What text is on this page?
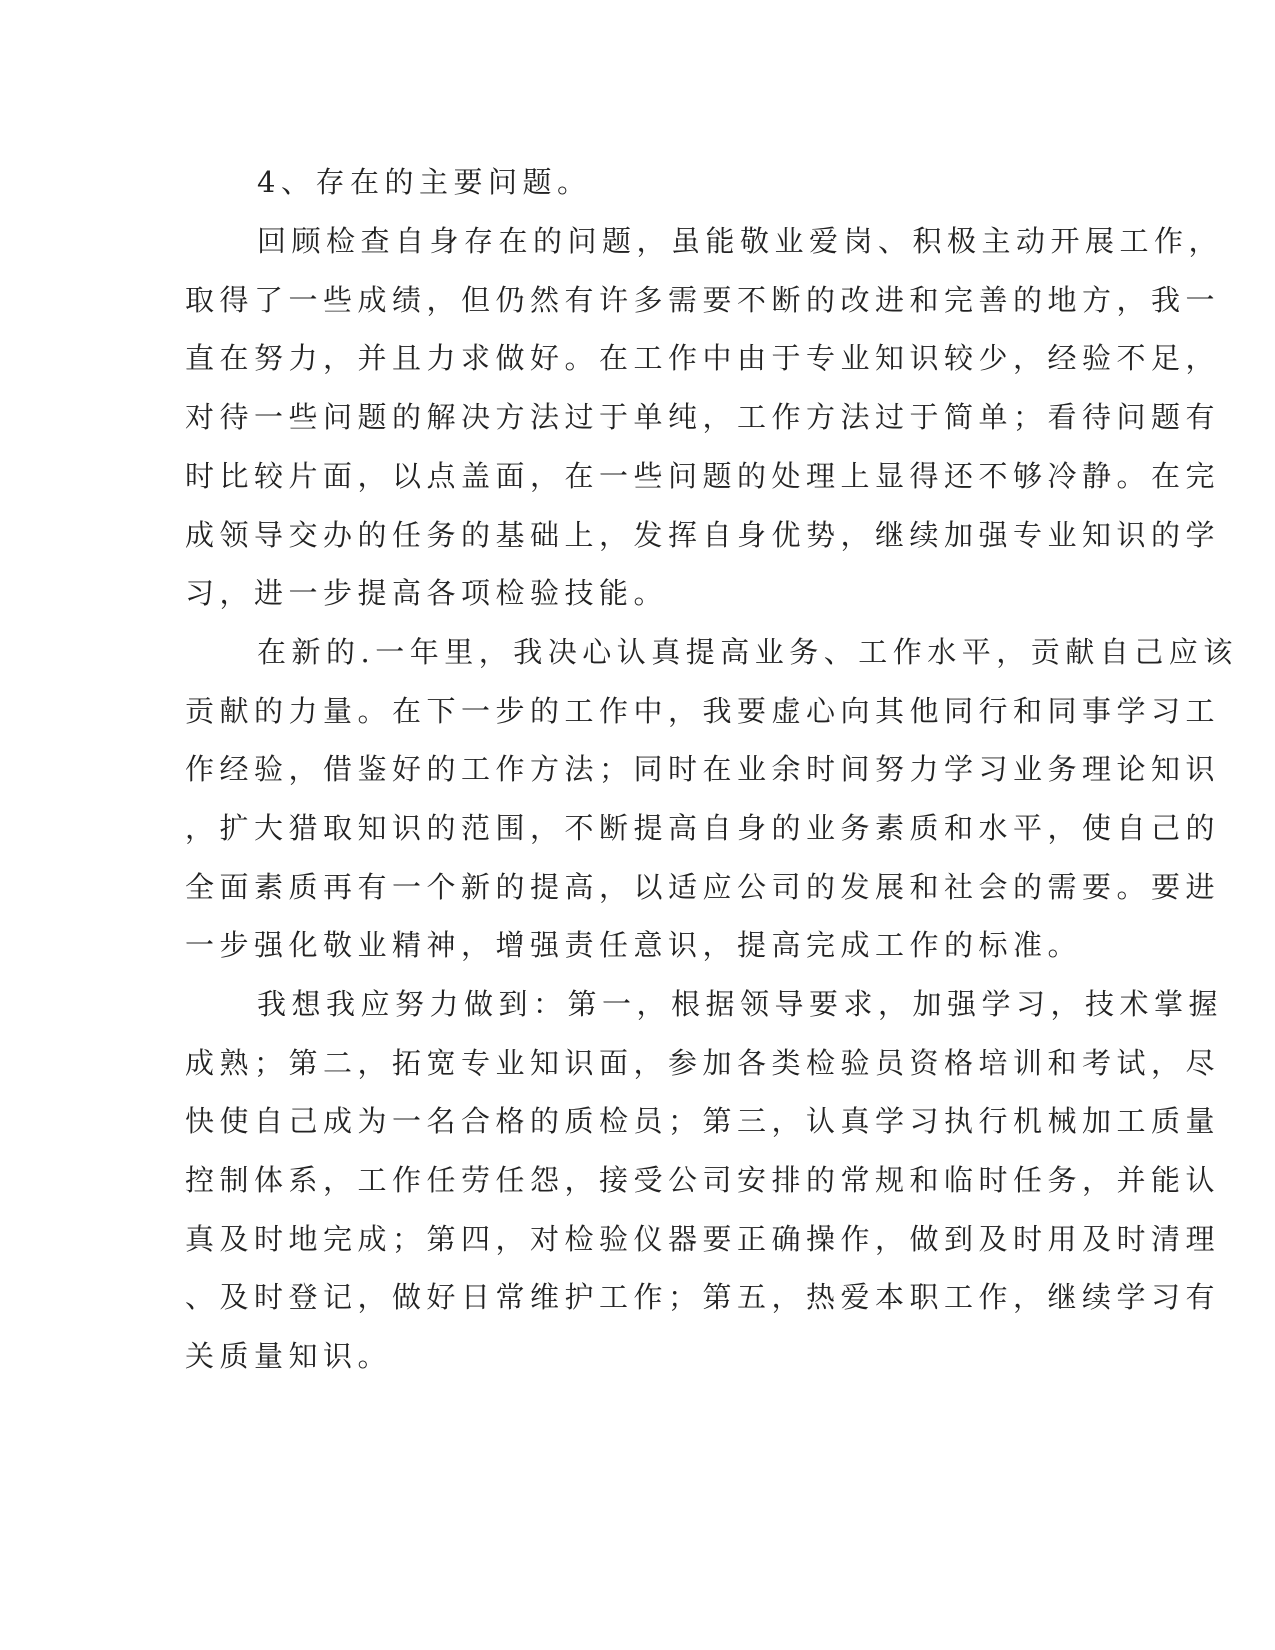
4、存在的主要问题。
回顾检查自身存在的问题，虽能敬业爱岗、积极主动开展工作，
取得了一些成绩，但仍然有许多需要不断的改进和完善的地方，我一
直在努力，并且力求做好。在工作中由于专业知识较少，经验不足，
对待一些问题的解决方法过于单纯，工作方法过于简单；看待问题有
时比较片面，以点盖面，在一些问题的处理上显得还不够冷静。在完
成领导交办的任务的基础上，发挥自身优势，继续加强专业知识的学
习，进一步提高各项检验技能。
在新的.一年里，我决心认真提高业务、工作水平，贡献自己应该
贡献的力量。在下一步的工作中，我要虚心向其他同行和同事学习工
作经验，借鉴好的工作方法；同时在业余时间努力学习业务理论知识
，扩大猎取知识的范围，不断提高自身的业务素质和水平，使自己的
全面素质再有一个新的提高，以适应公司的发展和社会的需要。要进
一步强化敬业精神，增强责任意识，提高完成工作的标准。
我想我应努力做到：第一，根据领导要求，加强学习，技术掌握
成熟；第二，拓宽专业知识面，参加各类检验员资格培训和考试，尽
快使自己成为一名合格的质检员；第三，认真学习执行机械加工质量
控制体系，工作任劳任怨，接受公司安排的常规和临时任务，并能认
真及时地完成；第四，对检验仪器要正确操作，做到及时用及时清理
、及时登记，做好日常维护工作；第五，热爱本职工作，继续学习有
关质量知识。
